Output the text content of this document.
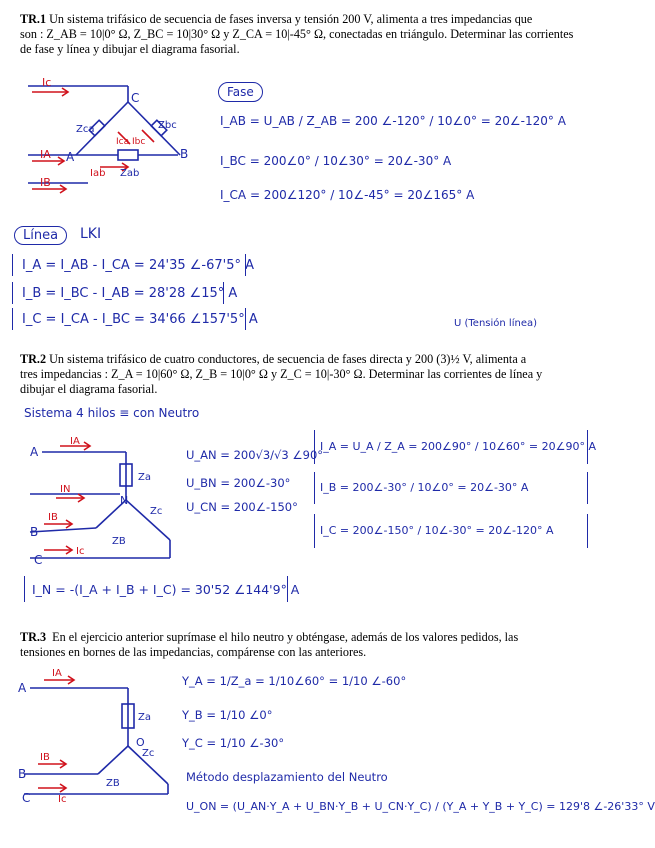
TR.1 Un sistema trifásico de secuencia de fases inversa y tensión 200 V, alimenta a tres impedancias que
son : Z_AB = 10|0° Ω, Z_BC = 10|30° Ω y Z_CA = 10|-45° Ω, conectadas en triángulo. Determinar las corrientes
de fase y línea y dibujar el diagrama fasorial.
C
A	B
Ic
IA
IB
Zca	Zbc
Zab
Iab
Ica Ibc
Fase
I_AB = U_AB / Z_AB = 200 ∠-120° / 10∠0° = 20∠-120° A
I_BC = 200∠0° / 10∠30° = 20∠-30° A
I_CA = 200∠120° / 10∠-45° = 20∠165° A
Línea	LKI
I_A = I_AB - I_CA = 24'35 ∠-67'5° A
I_B = I_BC - I_AB = 28'28 ∠15° A
I_C = I_CA - I_BC = 34'66 ∠157'5° A	U (Tensión línea)
TR.2 Un sistema trifásico de cuatro conductores, de secuencia de fases directa y 200 (3)½ V, alimenta a
tres impedancias : Z_A = 10|60° Ω, Z_B = 10|0° Ω y Z_C = 10|-30° Ω. Determinar las corrientes de línea y
dibujar el diagrama fasorial.
Sistema 4 hilos ≡ con Neutro
A
B
C
N
Za
Zc
ZB
IA
IN
IB
Ic
U_AN = 200√3/√3 ∠90°
U_BN = 200∠-30°
U_CN = 200∠-150°
I_A = U_A / Z_A = 200∠90° / 10∠60° = 20∠90° A
I_B = 200∠-30° / 10∠0° = 20∠-30° A
I_C = 200∠-150° / 10∠-30° = 20∠-120° A
I_N = -(I_A + I_B + I_C) = 30'52 ∠144'9° A
TR.3 En el ejercicio anterior suprímase el hilo neutro y obténgase, además de los valores pedidos, las
tensiones en bornes de las impedancias, compárense con las anteriores.
A
B
C
O
Za
Zc
ZB
IA
IB
Ic
Y_A = 1/Z_a = 1/10∠60° = 1/10 ∠-60°
Y_B = 1/10 ∠0°
Y_C = 1/10 ∠-30°
Método desplazamiento del Neutro
U_ON = (U_AN·Y_A + U_BN·Y_B + U_CN·Y_C) / (Y_A + Y_B + Y_C) = 129'8 ∠-26'33° V
